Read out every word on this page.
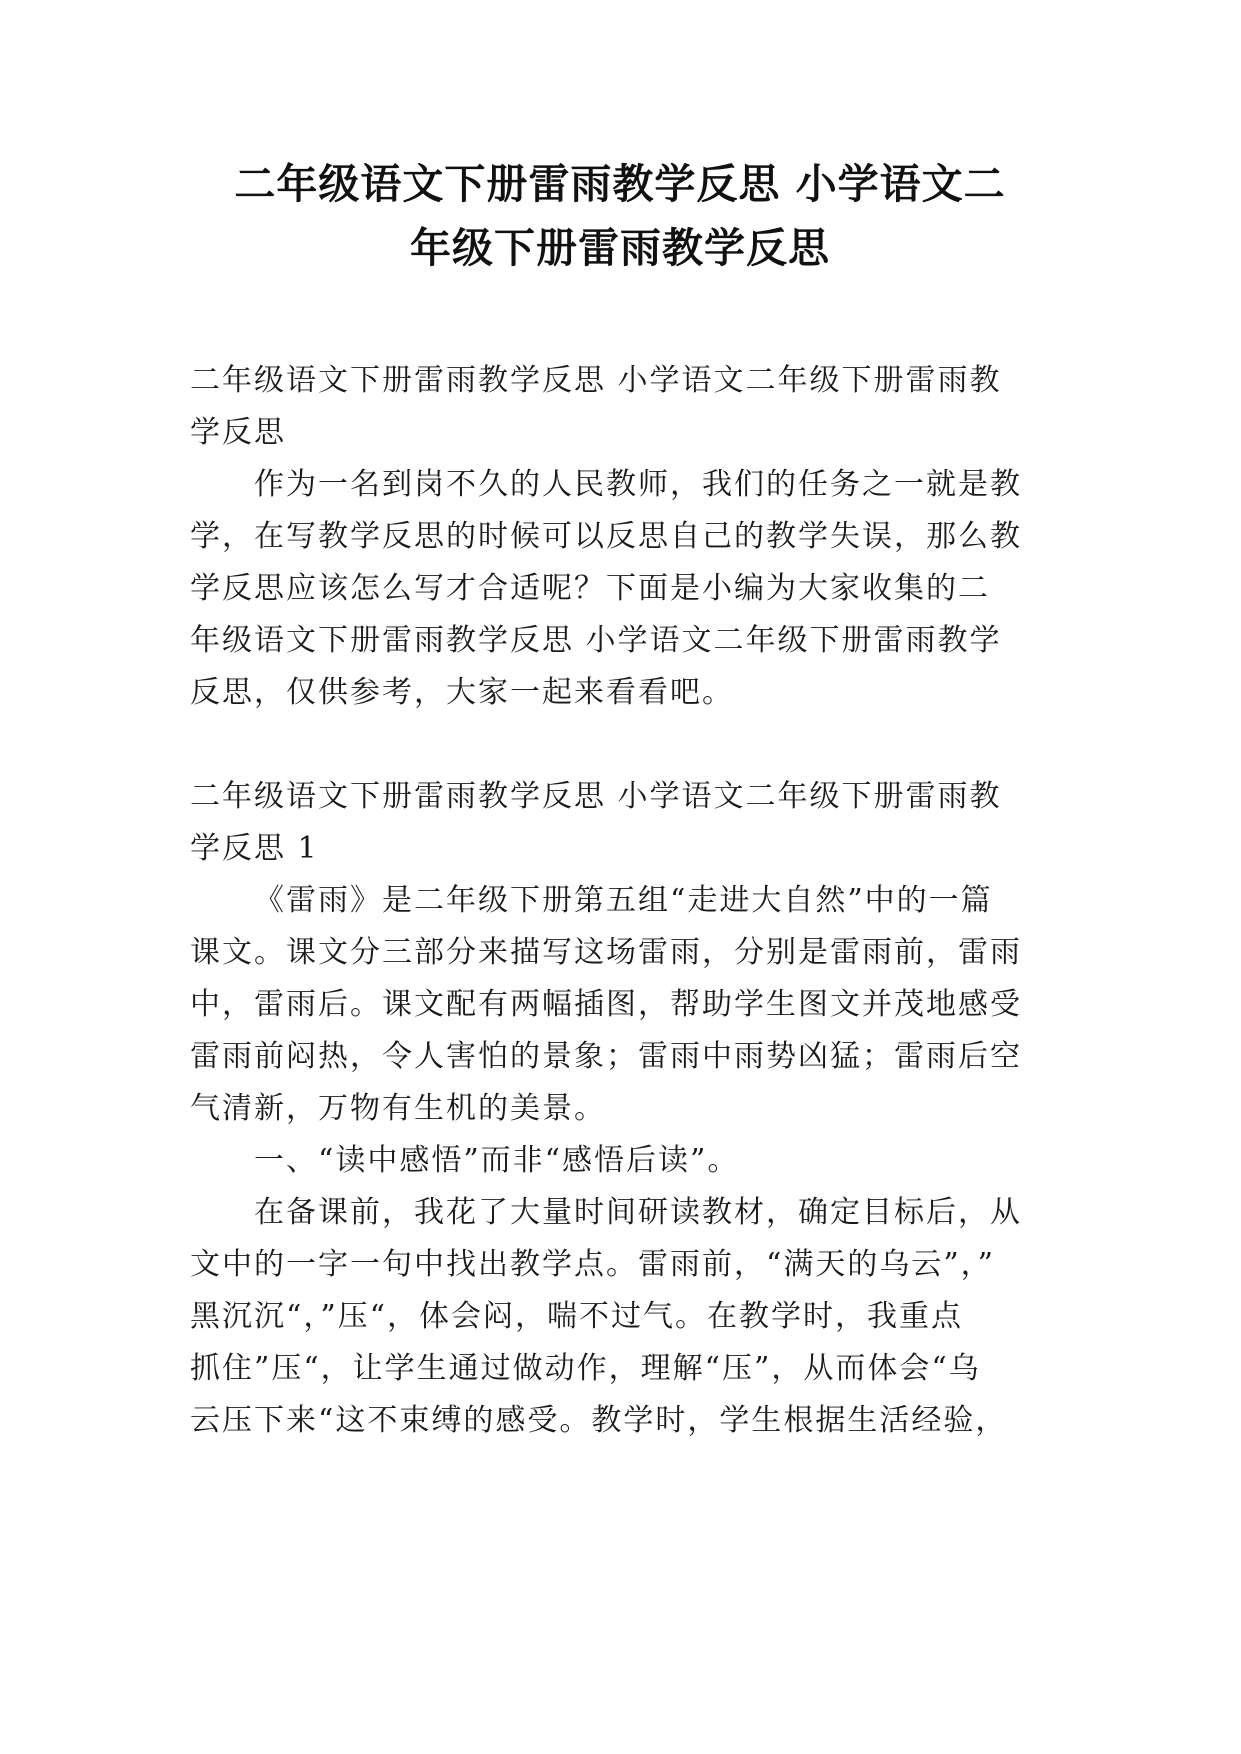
二年级语文下册雷雨教学反思 小学语文二
年级下册雷雨教学反思

二年级语文下册雷雨教学反思 小学语文二年级下册雷雨教
学反思

作为一名到岗不久的人民教师，我们的任务之一就是教
学，在写教学反思的时候可以反思自己的教学失误，那么教
学反思应该怎么写才合适呢？下面是小编为大家收集的二
年级语文下册雷雨教学反思 小学语文二年级下册雷雨教学
反思，仅供参考，大家一起来看看吧。

二年级语文下册雷雨教学反思 小学语文二年级下册雷雨教
学反思 1

《雷雨》是二年级下册第五组“走进大自然”中的一篇
课文。课文分三部分来描写这场雷雨，分别是雷雨前，雷雨
中，雷雨后。课文配有两幅插图，帮助学生图文并茂地感受
雷雨前闷热，令人害怕的景象；雷雨中雨势凶猛；雷雨后空
气清新，万物有生机的美景。

一、“读中感悟”而非“感悟后读”。

在备课前，我花了大量时间研读教材，确定目标后，从
文中的一字一句中找出教学点。雷雨前，“满天的乌云”，”
黑沉沉“，”压“，体会闷，喘不过气。在教学时，我重点
抓住”压“，让学生通过做动作，理解“压”，从而体会“乌
云压下来“这不束缚的感受。教学时，学生根据生活经验，
